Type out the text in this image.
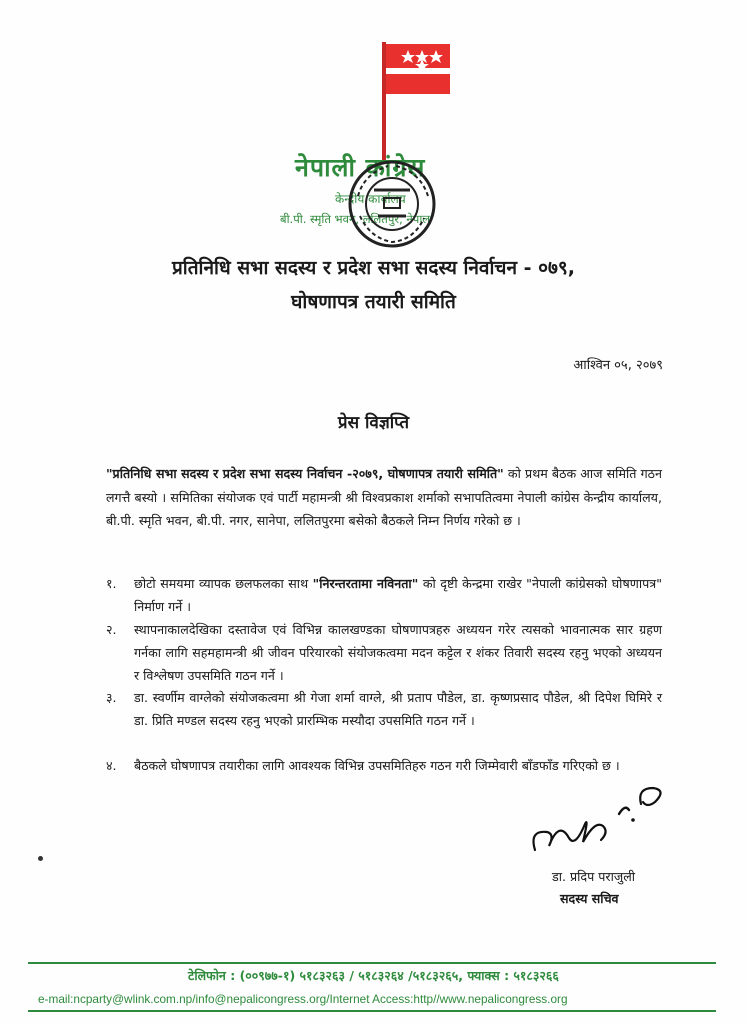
नेपाली कांग्रेस
केन्द्रीय कार्यालय
बी.पी. स्मृति भवन, ललितपुर, नेपाल
प्रतिनिधि सभा सदस्य र प्रदेश सभा सदस्य निर्वाचन - ०७९,
घोषणापत्र तयारी समिति
आश्विन ०५, २०७९
प्रेस विज्ञप्ति
"प्रतिनिधि सभा सदस्य र प्रदेश सभा सदस्य निर्वाचन -२०७९, घोषणापत्र तयारी समिति" को प्रथम बैठक आज समिति गठन लगत्तै बस्यो । समितिका संयोजक एवं पार्टी महामन्त्री श्री विश्वप्रकाश शर्माको सभापतित्वमा नेपाली कांग्रेस केन्द्रीय कार्यालय, बी.पी. स्मृति भवन, बी.पी. नगर, सानेपा, ललितपुरमा बसेको बैठकले निम्न निर्णय गरेको छ ।
१.	छोटो समयमा व्यापक छलफलका साथ "निरन्तरतामा नविनता" को दृष्टी केन्द्रमा राखेर "नेपाली कांग्रेसको घोषणापत्र" निर्माण गर्ने ।
२.	स्थापनाकालदेखिका दस्तावेज एवं विभिन्न कालखण्डका घोषणापत्रहरु अध्ययन गरेर त्यसको भावनात्मक सार ग्रहण गर्नका लागि सहमहामन्त्री श्री जीवन परियारको संयोजकत्वमा मदन कट्टेल र शंकर तिवारी सदस्य रहनु भएको अध्ययन र विश्लेषण उपसमिति गठन गर्ने ।
३.	डा. स्वर्णीम वाग्लेको संयोजकत्वमा श्री गेजा शर्मा वाग्ले, श्री प्रताप पौडेल, डा. कृष्णप्रसाद पौडेल, श्री दिपेश घिमिरे र डा. प्रिति मण्डल सदस्य रहनु भएको प्रारम्भिक मस्यौदा उपसमिति गठन गर्ने ।
४.	बैठकले घोषणापत्र तयारीका लागि आवश्यक विभिन्न उपसमितिहरु गठन गरी जिम्मेवारी बाँडफाँड गरिएको छ ।
डा. प्रदिप पराजुली
सदस्य सचिव
टेलिफोन : (००९७७-१) ५१८३२६३ / ५१८३२६४ /५१८३२६५, फ्याक्स : ५१८३२६६
e-mail:ncparty@wlink.com.np/info@nepalicongress.org/Internet Access:http//www.nepalicongress.org
